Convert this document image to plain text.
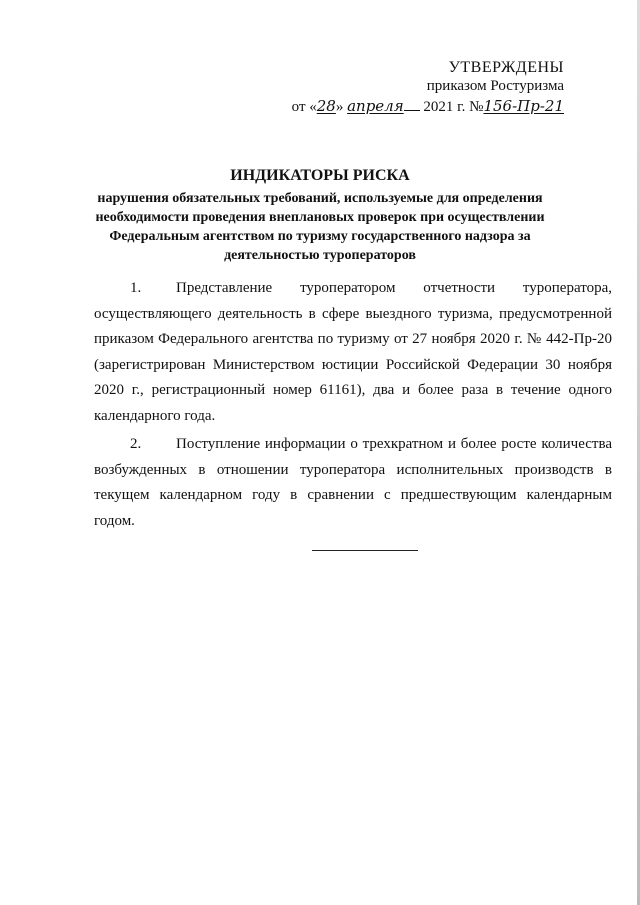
УТВЕРЖДЕНЫ
приказом Ростуризма
от «28» апреля 2021 г. №156-Пр-21
ИНДИКАТОРЫ РИСКА
нарушения обязательных требований, используемые для определения необходимости проведения внеплановых проверок при осуществлении Федеральным агентством по туризму государственного надзора за деятельностью туроператоров

1. Представление туроператором отчетности туроператора, осуществляющего деятельность в сфере выездного туризма, предусмотренной приказом Федерального агентства по туризму от 27 ноября 2020 г. № 442-Пр-20 (зарегистрирован Министерством юстиции Российской Федерации 30 ноября 2020 г., регистрационный номер 61161), два и более раза в течение одного календарного года.

2. Поступление информации о трехкратном и более росте количества возбужденных в отношении туроператора исполнительных производств в текущем календарном году в сравнении с предшествующим календарным годом.
